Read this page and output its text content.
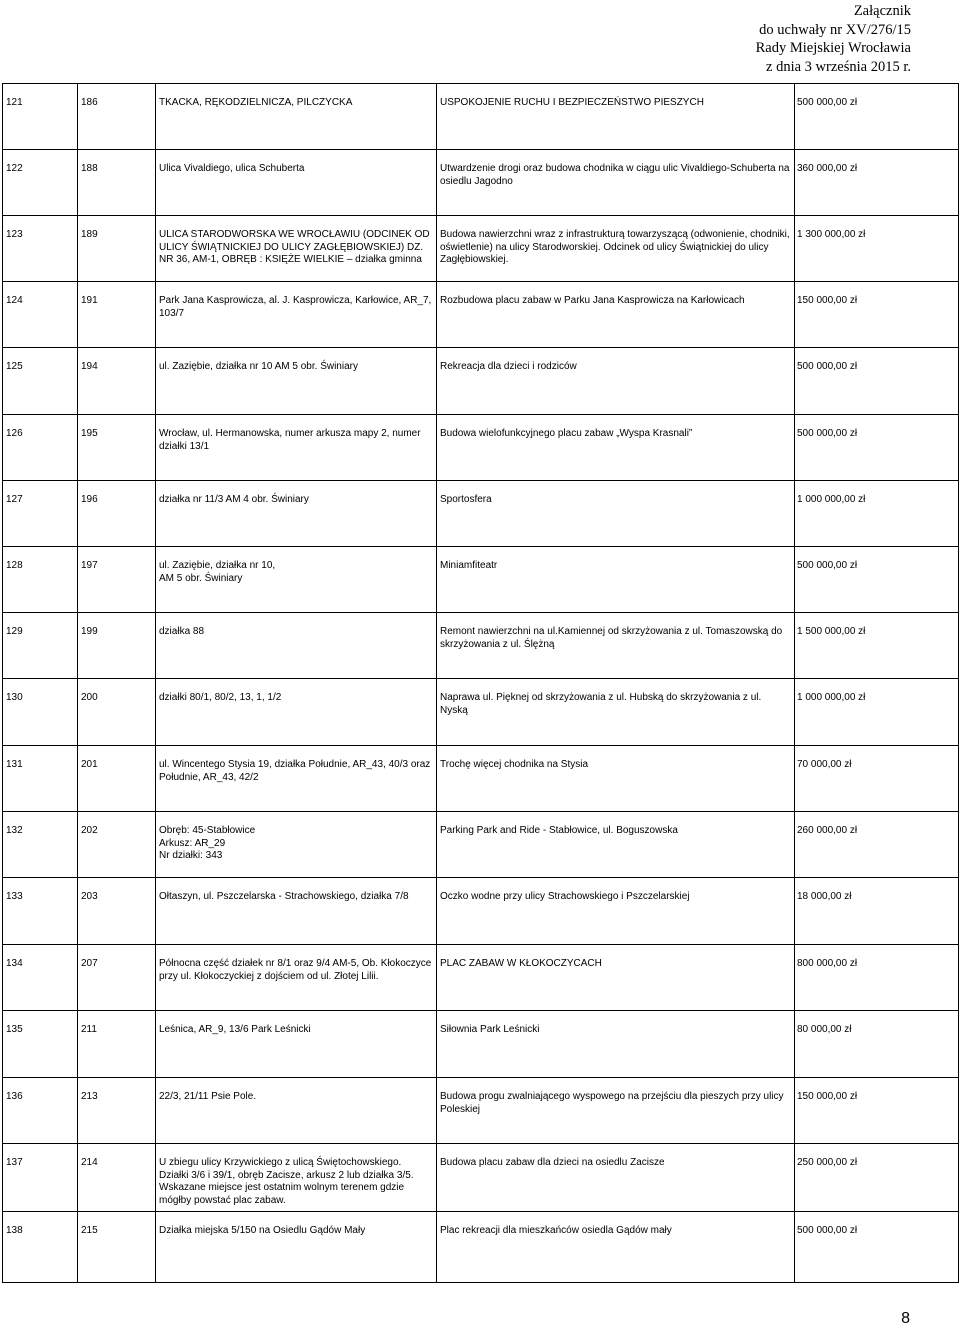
Załącznik
do uchwały nr XV/276/15
Rady Miejskiej Wrocławia
z dnia 3 września 2015 r.
121	186	TKACKA, RĘKODZIELNICZA, PILCZYCKA	USPOKOJENIE RUCHU I BEZPIECZEŃSTWO PIESZYCH	500 000,00 zł
122	188	Ulica Vivaldiego, ulica Schuberta	Utwardzenie drogi oraz budowa chodnika w ciągu ulic Vivaldiego-Schuberta na osiedlu Jagodno	360 000,00 zł
123	189	ULICA STARODWORSKA WE WROCŁAWIU (ODCINEK OD ULICY ŚWIĄTNICKIEJ DO ULICY ZAGŁĘBIOWSKIEJ) DZ. NR 36, AM-1, OBRĘB : KSIĘŻE WIELKIE – działka gminna	Budowa nawierzchni wraz z infrastrukturą towarzyszącą (odwonienie, chodniki, oświetlenie) na ulicy Starodworskiej. Odcinek od ulicy Świątnickiej do ulicy Zagłębiowskiej.	1 300 000,00 zł
124	191	Park Jana Kasprowicza, al. J. Kasprowicza, Karłowice, AR_7, 103/7	Rozbudowa placu zabaw w Parku Jana Kasprowicza na Karłowicach	150 000,00 zł
125	194	ul. Zaziębie, działka nr 10 AM 5 obr. Świniary	Rekreacja dla dzieci i rodziców	500 000,00 zł
126	195	Wrocław, ul. Hermanowska, numer arkusza mapy 2, numer działki 13/1	Budowa wielofunkcyjnego placu zabaw „Wyspa Krasnali”	500 000,00 zł
127	196	działka nr 11/3 AM 4 obr. Świniary	Sportosfera	1 000 000,00 zł
128	197	ul. Zaziębie, działka nr 10,
AM 5 obr. Świniary	Miniamfiteatr	500 000,00 zł
129	199	działka 88	Remont nawierzchni na ul.Kamiennej od skrzyżowania z ul. Tomaszowską do skrzyżowania z ul. Ślężną	1 500 000,00 zł
130	200	działki 80/1, 80/2, 13, 1, 1/2	Naprawa ul. Pięknej od skrzyżowania z ul. Hubską do skrzyżowania z ul. Nyską	1 000 000,00 zł
131	201	ul. Wincentego Stysia 19, działka Południe, AR_43, 40/3 oraz Południe, AR_43, 42/2	Trochę więcej chodnika na Stysia	70 000,00 zł
132	202	Obręb: 45-Stabłowice
Arkusz: AR_29
Nr działki: 343	Parking Park and Ride - Stabłowice, ul. Boguszowska	260 000,00 zł
133	203	Ołtaszyn, ul. Pszczelarska - Strachowskiego, działka 7/8	Oczko wodne przy ulicy Strachowskiego i Pszczelarskiej	18 000,00 zł
134	207	Północna część działek nr 8/1 oraz 9/4 AM-5, Ob. Kłokoczyce przy ul. Kłokoczyckiej z dojściem od ul. Złotej Lilii.	PLAC ZABAW W KŁOKOCZYCACH	800 000,00 zł
135	211	Leśnica, AR_9, 13/6 Park Leśnicki	Siłownia Park Leśnicki	80 000,00 zł
136	213	22/3, 21/11 Psie Pole.	Budowa progu zwalniającego wyspowego na przejściu dla pieszych przy ulicy Poleskiej	150 000,00 zł
137	214	U zbiegu ulicy Krzywickiego z ulicą Świętochowskiego. Działki 3/6 i 39/1, obręb Zacisze, arkusz 2 lub działka 3/5. Wskazane miejsce jest ostatnim wolnym terenem gdzie mógłby powstać plac zabaw.	Budowa placu zabaw dla dzieci na osiedlu Zacisze	250 000,00 zł
138	215	Działka miejska 5/150 na Osiedlu Gądów Mały	Plac rekreacji dla mieszkańców osiedla Gądów mały	500 000,00 zł
8
